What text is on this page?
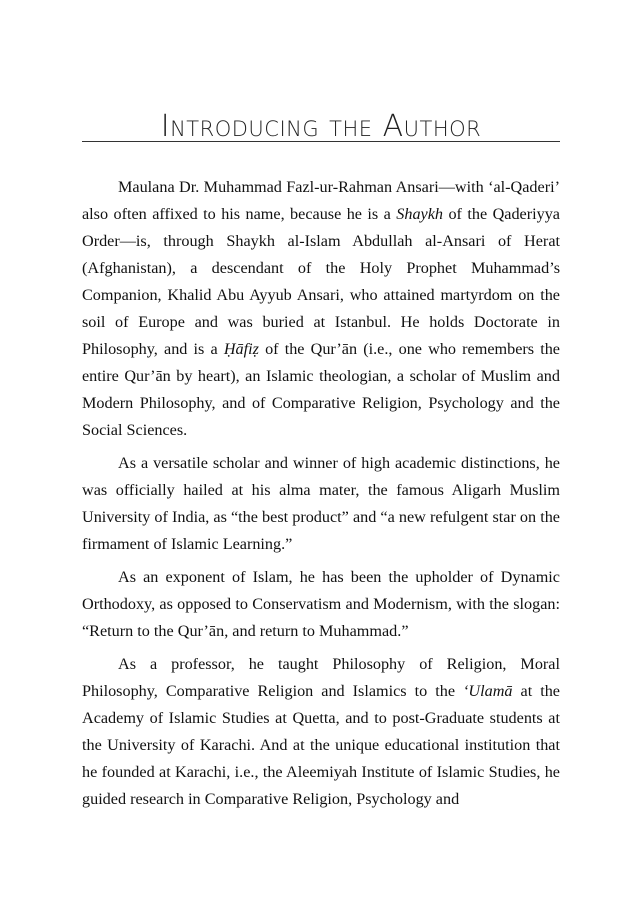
Introducing the Author

Maulana Dr. Muhammad Fazl-ur-Rahman Ansari—with ‘al-Qaderi’ also often affixed to his name, because he is a Shaykh of the Qaderiyya Order—is, through Shaykh al-Islam Abdullah al-Ansari of Herat (Afghanistan), a descendant of the Holy Prophet Muhammad’s Companion, Khalid Abu Ayyub Ansari, who attained martyrdom on the soil of Europe and was buried at Istanbul. He holds Doctorate in Philosophy, and is a Ḥāfiẓ of the Qur’ān (i.e., one who remembers the entire Qur’ān by heart), an Islamic theologian, a scholar of Muslim and Modern Philosophy, and of Comparative Religion, Psychology and the Social Sciences.

As a versatile scholar and winner of high academic distinctions, he was officially hailed at his alma mater, the famous Aligarh Muslim University of India, as “the best product” and “a new refulgent star on the firmament of Islamic Learning.”

As an exponent of Islam, he has been the upholder of Dynamic Orthodoxy, as opposed to Conservatism and Modernism, with the slogan: “Return to the Qur’ān, and return to Muhammad.”

As a professor, he taught Philosophy of Religion, Moral Philosophy, Comparative Religion and Islamics to the ‘Ulamā at the Academy of Islamic Studies at Quetta, and to post-Graduate students at the University of Karachi. And at the unique educational institution that he founded at Karachi, i.e., the Aleemiyah Institute of Islamic Studies, he guided research in Comparative Religion, Psychology and
